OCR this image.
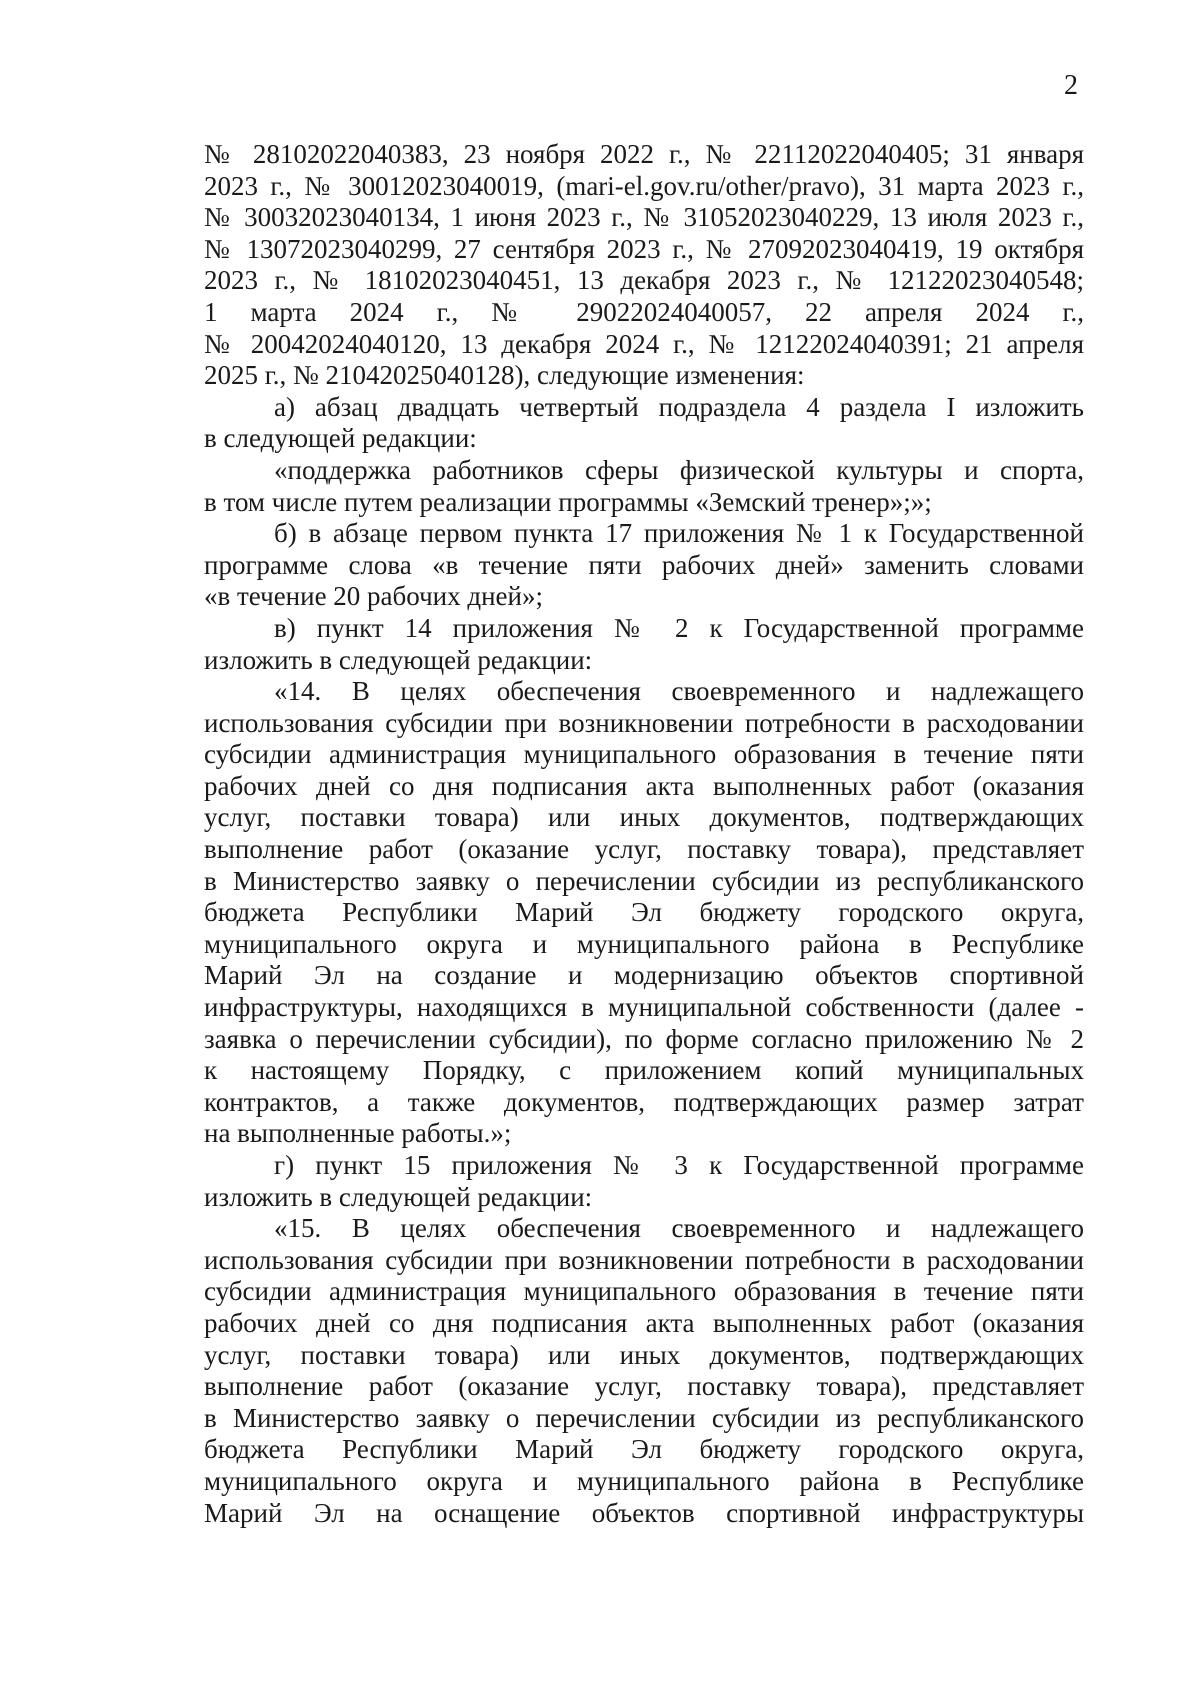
2
№ 28102022040383, 23 ноября 2022 г., № 22112022040405; 31 января
2023 г., № 30012023040019, (mari-el.gov.ru/other/pravo), 31 марта 2023 г.,
№ 30032023040134, 1 июня 2023 г., № 31052023040229, 13 июля 2023 г.,
№ 13072023040299, 27 сентября 2023 г., № 27092023040419, 19 октября
2023 г., № 18102023040451, 13 декабря 2023 г., № 12122023040548;
1 марта 2024 г., № 29022024040057, 22 апреля 2024 г.,
№ 20042024040120, 13 декабря 2024 г., № 12122024040391; 21 апреля
2025 г., № 21042025040128), следующие изменения:
а) абзац двадцать четвертый подраздела 4 раздела I изложить
в следующей редакции:
«поддержка работников сферы физической культуры и спорта,
в том числе путем реализации программы «Земский тренер»;»;
б) в абзаце первом пункта 17 приложения № 1 к Государственной
программе слова «в течение пяти рабочих дней» заменить словами
«в течение 20 рабочих дней»;
в) пункт 14 приложения № 2 к Государственной программе
изложить в следующей редакции:
«14. В целях обеспечения своевременного и надлежащего
использования субсидии при возникновении потребности в расходовании
субсидии администрация муниципального образования в течение пяти
рабочих дней со дня подписания акта выполненных работ (оказания
услуг, поставки товара) или иных документов, подтверждающих
выполнение работ (оказание услуг, поставку товара), представляет
в Министерство заявку о перечислении субсидии из республиканского
бюджета Республики Марий Эл бюджету городского округа,
муниципального округа и муниципального района в Республике
Марий Эл на создание и модернизацию объектов спортивной
инфраструктуры, находящихся в муниципальной собственности (далее -
заявка о перечислении субсидии), по форме согласно приложению № 2
к настоящему Порядку, с приложением копий муниципальных
контрактов, а также документов, подтверждающих размер затрат
на выполненные работы.»;
г) пункт 15 приложения № 3 к Государственной программе
изложить в следующей редакции:
«15. В целях обеспечения своевременного и надлежащего
использования субсидии при возникновении потребности в расходовании
субсидии администрация муниципального образования в течение пяти
рабочих дней со дня подписания акта выполненных работ (оказания
услуг, поставки товара) или иных документов, подтверждающих
выполнение работ (оказание услуг, поставку товара), представляет
в Министерство заявку о перечислении субсидии из республиканского
бюджета Республики Марий Эл бюджету городского округа,
муниципального округа и муниципального района в Республике
Марий Эл на оснащение объектов спортивной инфраструктуры
